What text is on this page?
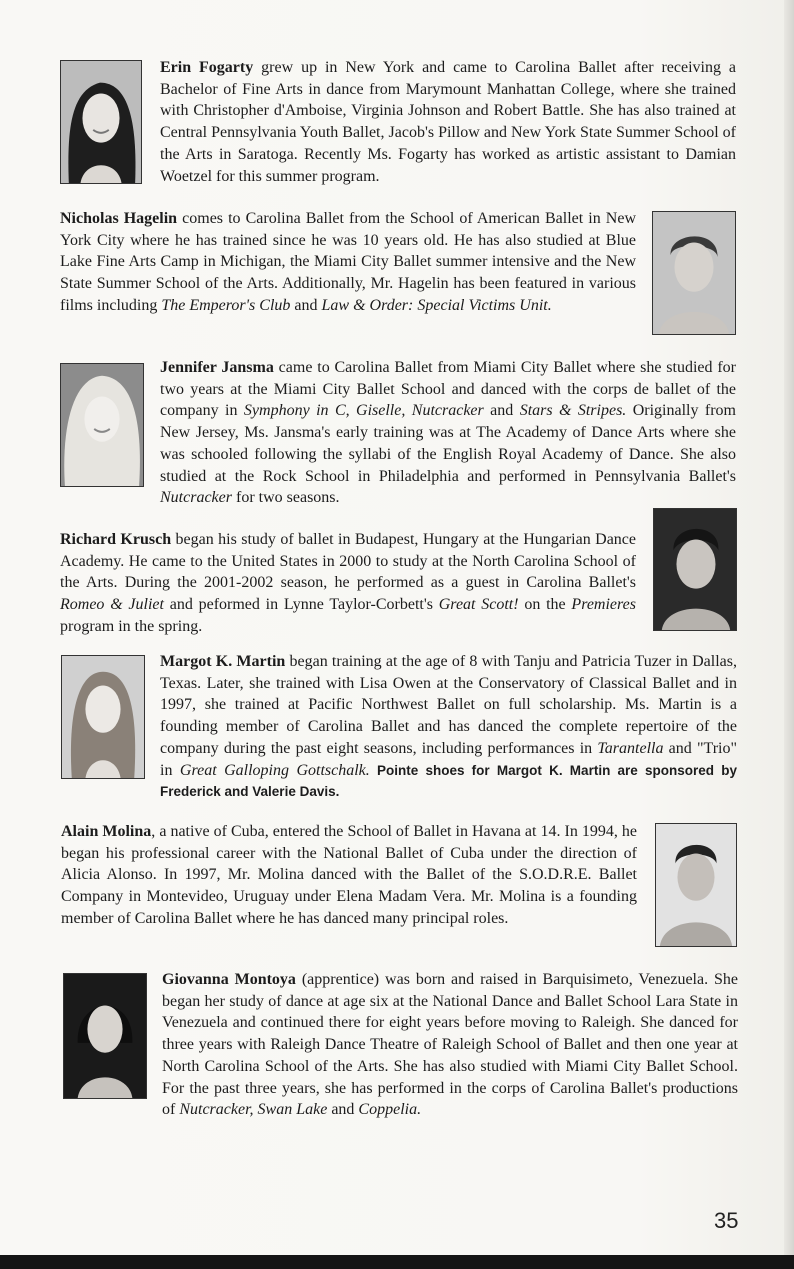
Erin Fogarty grew up in New York and came to Carolina Ballet after receiving a Bachelor of Fine Arts in dance from Marymount Manhattan College, where she trained with Christopher d'Amboise, Virginia Johnson and Robert Battle. She has also trained at Central Pennsylvania Youth Ballet, Jacob's Pillow and New York State Summer School of the Arts in Saratoga. Recently Ms. Fogarty has worked as artistic assistant to Damian Woetzel for this summer program.

Nicholas Hagelin comes to Carolina Ballet from the School of American Ballet in New York City where he has trained since he was 10 years old. He has also studied at Blue Lake Fine Arts Camp in Michigan, the Miami City Ballet summer intensive and the New State Summer School of the Arts. Additionally, Mr. Hagelin has been featured in various films including The Emperor's Club and Law & Order: Special Victims Unit.

Jennifer Jansma came to Carolina Ballet from Miami City Ballet where she studied for two years at the Miami City Ballet School and danced with the corps de ballet of the company in Symphony in C, Giselle, Nutcracker and Stars & Stripes. Originally from New Jersey, Ms. Jansma's early training was at The Academy of Dance Arts where she was schooled following the syllabi of the English Royal Academy of Dance. She also studied at the Rock School in Philadelphia and performed in Pennsylvania Ballet's Nutcracker for two seasons.

Richard Krusch began his study of ballet in Budapest, Hungary at the Hungarian Dance Academy. He came to the United States in 2000 to study at the North Carolina School of the Arts. During the 2001-2002 season, he performed as a guest in Carolina Ballet's Romeo & Juliet and peformed in Lynne Taylor-Corbett's Great Scott! on the Premieres program in the spring.

Margot K. Martin began training at the age of 8 with Tanju and Patricia Tuzer in Dallas, Texas. Later, she trained with Lisa Owen at the Conservatory of Classical Ballet and in 1997, she trained at Pacific Northwest Ballet on full scholarship. Ms. Martin is a founding member of Carolina Ballet and has danced the complete repertoire of the company during the past eight seasons, including performances in Tarantella and "Trio" in Great Galloping Gottschalk. Pointe shoes for Margot K. Martin are sponsored by Frederick and Valerie Davis.

Alain Molina, a native of Cuba, entered the School of Ballet in Havana at 14. In 1994, he began his professional career with the National Ballet of Cuba under the direction of Alicia Alonso. In 1997, Mr. Molina danced with the Ballet of the S.O.D.R.E. Ballet Company in Montevideo, Uruguay under Elena Madam Vera. Mr. Molina is a founding member of Carolina Ballet where he has danced many principal roles.

Giovanna Montoya (apprentice) was born and raised in Barquisimeto, Venezuela. She began her study of dance at age six at the National Dance and Ballet School Lara State in Venezuela and continued there for eight years before moving to Raleigh. She danced for three years with Raleigh Dance Theatre of Raleigh School of Ballet and then one year at North Carolina School of the Arts. She has also studied with Miami City Ballet School. For the past three years, she has performed in the corps of Carolina Ballet's productions of Nutcracker, Swan Lake and Coppelia.

35
